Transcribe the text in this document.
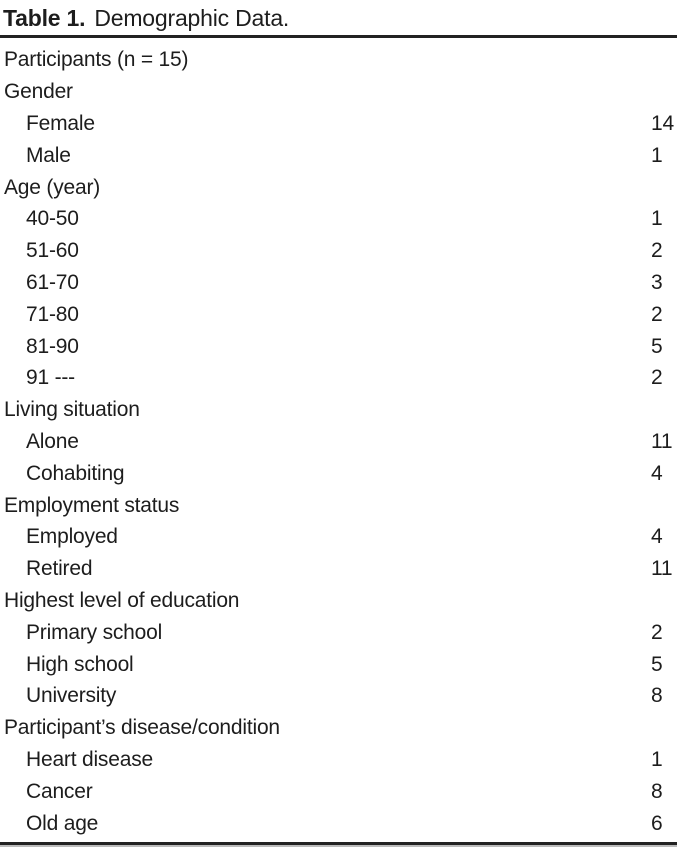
Table 1. Demographic Data.
Participants (n = 15)
Gender
Female	14
Male	1
Age (year)
40-50	1
51-60	2
61-70	3
71-80	2
81-90	5
91 ---	2
Living situation
Alone	11
Cohabiting	4
Employment status
Employed	4
Retired	11
Highest level of education
Primary school	2
High school	5
University	8
Participant’s disease/condition
Heart disease	1
Cancer	8
Old age	6
